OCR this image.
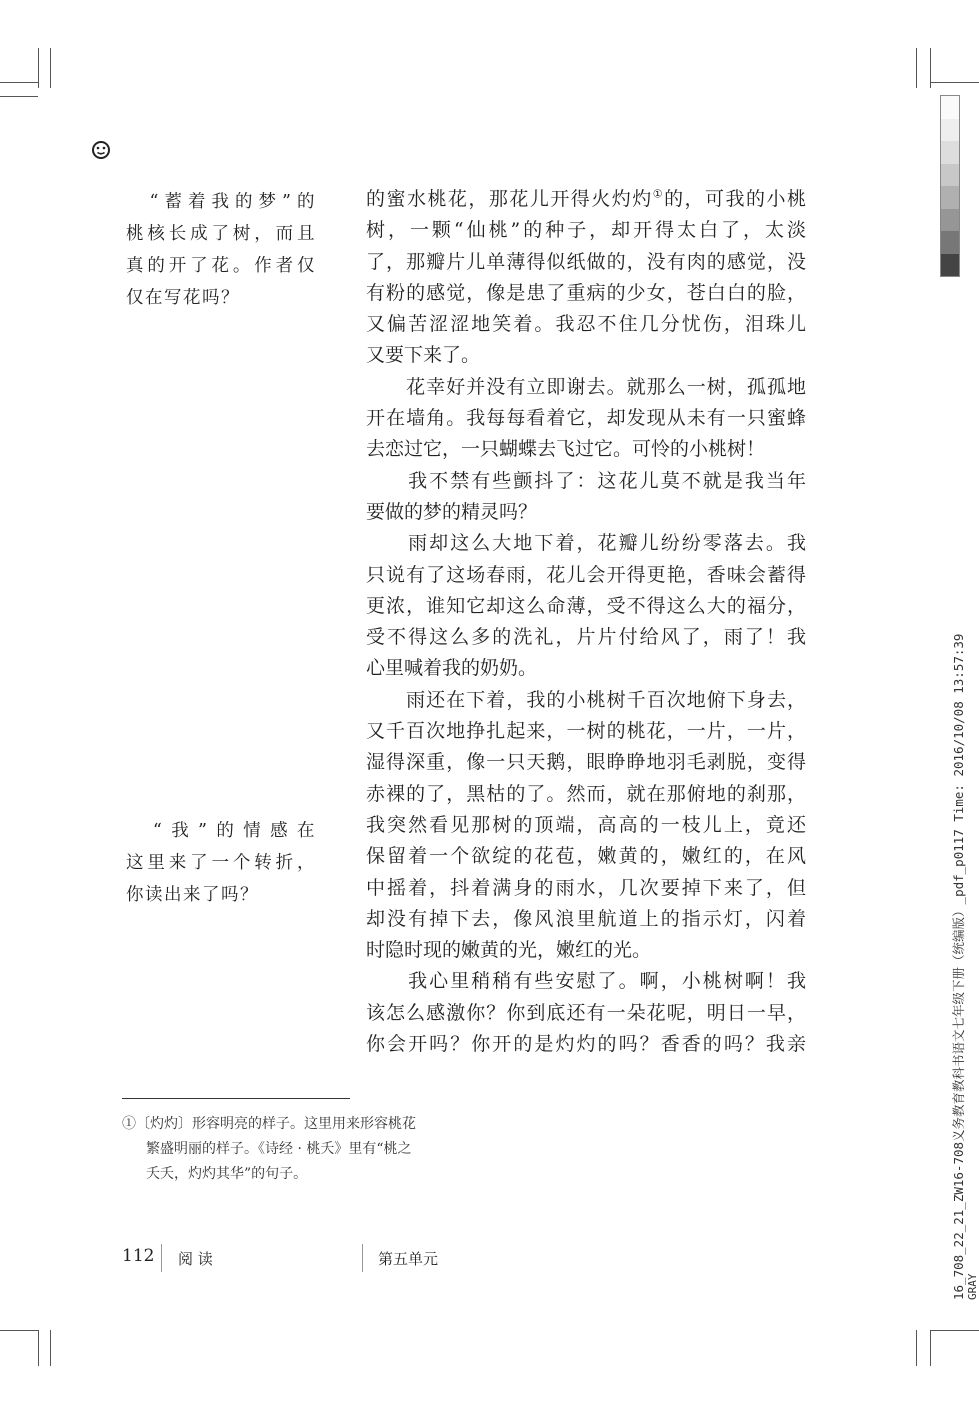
　“蓄着我的梦”的
桃核长成了树，而且
真的开了花。作者仅
仅在写花吗？
　“我”的情感在
这里来了一个转折，
你读出来了吗？
的蜜水桃花，那花儿开得火灼灼①的，可我的小桃
树，一颗“仙桃”的种子，却开得太白了，太淡
了，那瓣片儿单薄得似纸做的，没有肉的感觉，没
有粉的感觉，像是患了重病的少女，苍白白的脸，
又偏苦涩涩地笑着。我忍不住几分忧伤，泪珠儿
又要下来了。
　　花幸好并没有立即谢去。就那么一树，孤孤地
开在墙角。我每每看着它，却发现从未有一只蜜蜂
去恋过它，一只蝴蝶去飞过它。可怜的小桃树！
　　我不禁有些颤抖了：这花儿莫不就是我当年
要做的梦的精灵吗？
　　雨却这么大地下着，花瓣儿纷纷零落去。我
只说有了这场春雨，花儿会开得更艳，香味会蓄得
更浓，谁知它却这么命薄，受不得这么大的福分，
受不得这么多的洗礼，片片付给风了，雨了！我
心里喊着我的奶奶。
　　雨还在下着，我的小桃树千百次地俯下身去，
又千百次地挣扎起来，一树的桃花，一片，一片，
湿得深重，像一只天鹅，眼睁睁地羽毛剥脱，变得
赤裸的了，黑枯的了。然而，就在那俯地的刹那，
我突然看见那树的顶端，高高的一枝儿上，竟还
保留着一个欲绽的花苞，嫩黄的，嫩红的，在风
中摇着，抖着满身的雨水，几次要掉下来了，但
却没有掉下去，像风浪里航道上的指示灯，闪着
时隐时现的嫩黄的光，嫩红的光。
　　我心里稍稍有些安慰了。啊，小桃树啊！我
该怎么感激你？你到底还有一朵花呢，明日一早，
你会开吗？你开的是灼灼的吗？香香的吗？我亲
①〔灼灼〕形容明亮的样子。这里用来形容桃花
繁盛明丽的样子。《诗经 · 桃夭》里有“桃之
夭夭，灼灼其华”的句子。
112 阅 读	第五单元	16_708_22_21_ZW16-708义务教育教科书语文七年级下册（统编版）_pdf_p0117 Time: 2016/10/08 13:57:39 GRAY
